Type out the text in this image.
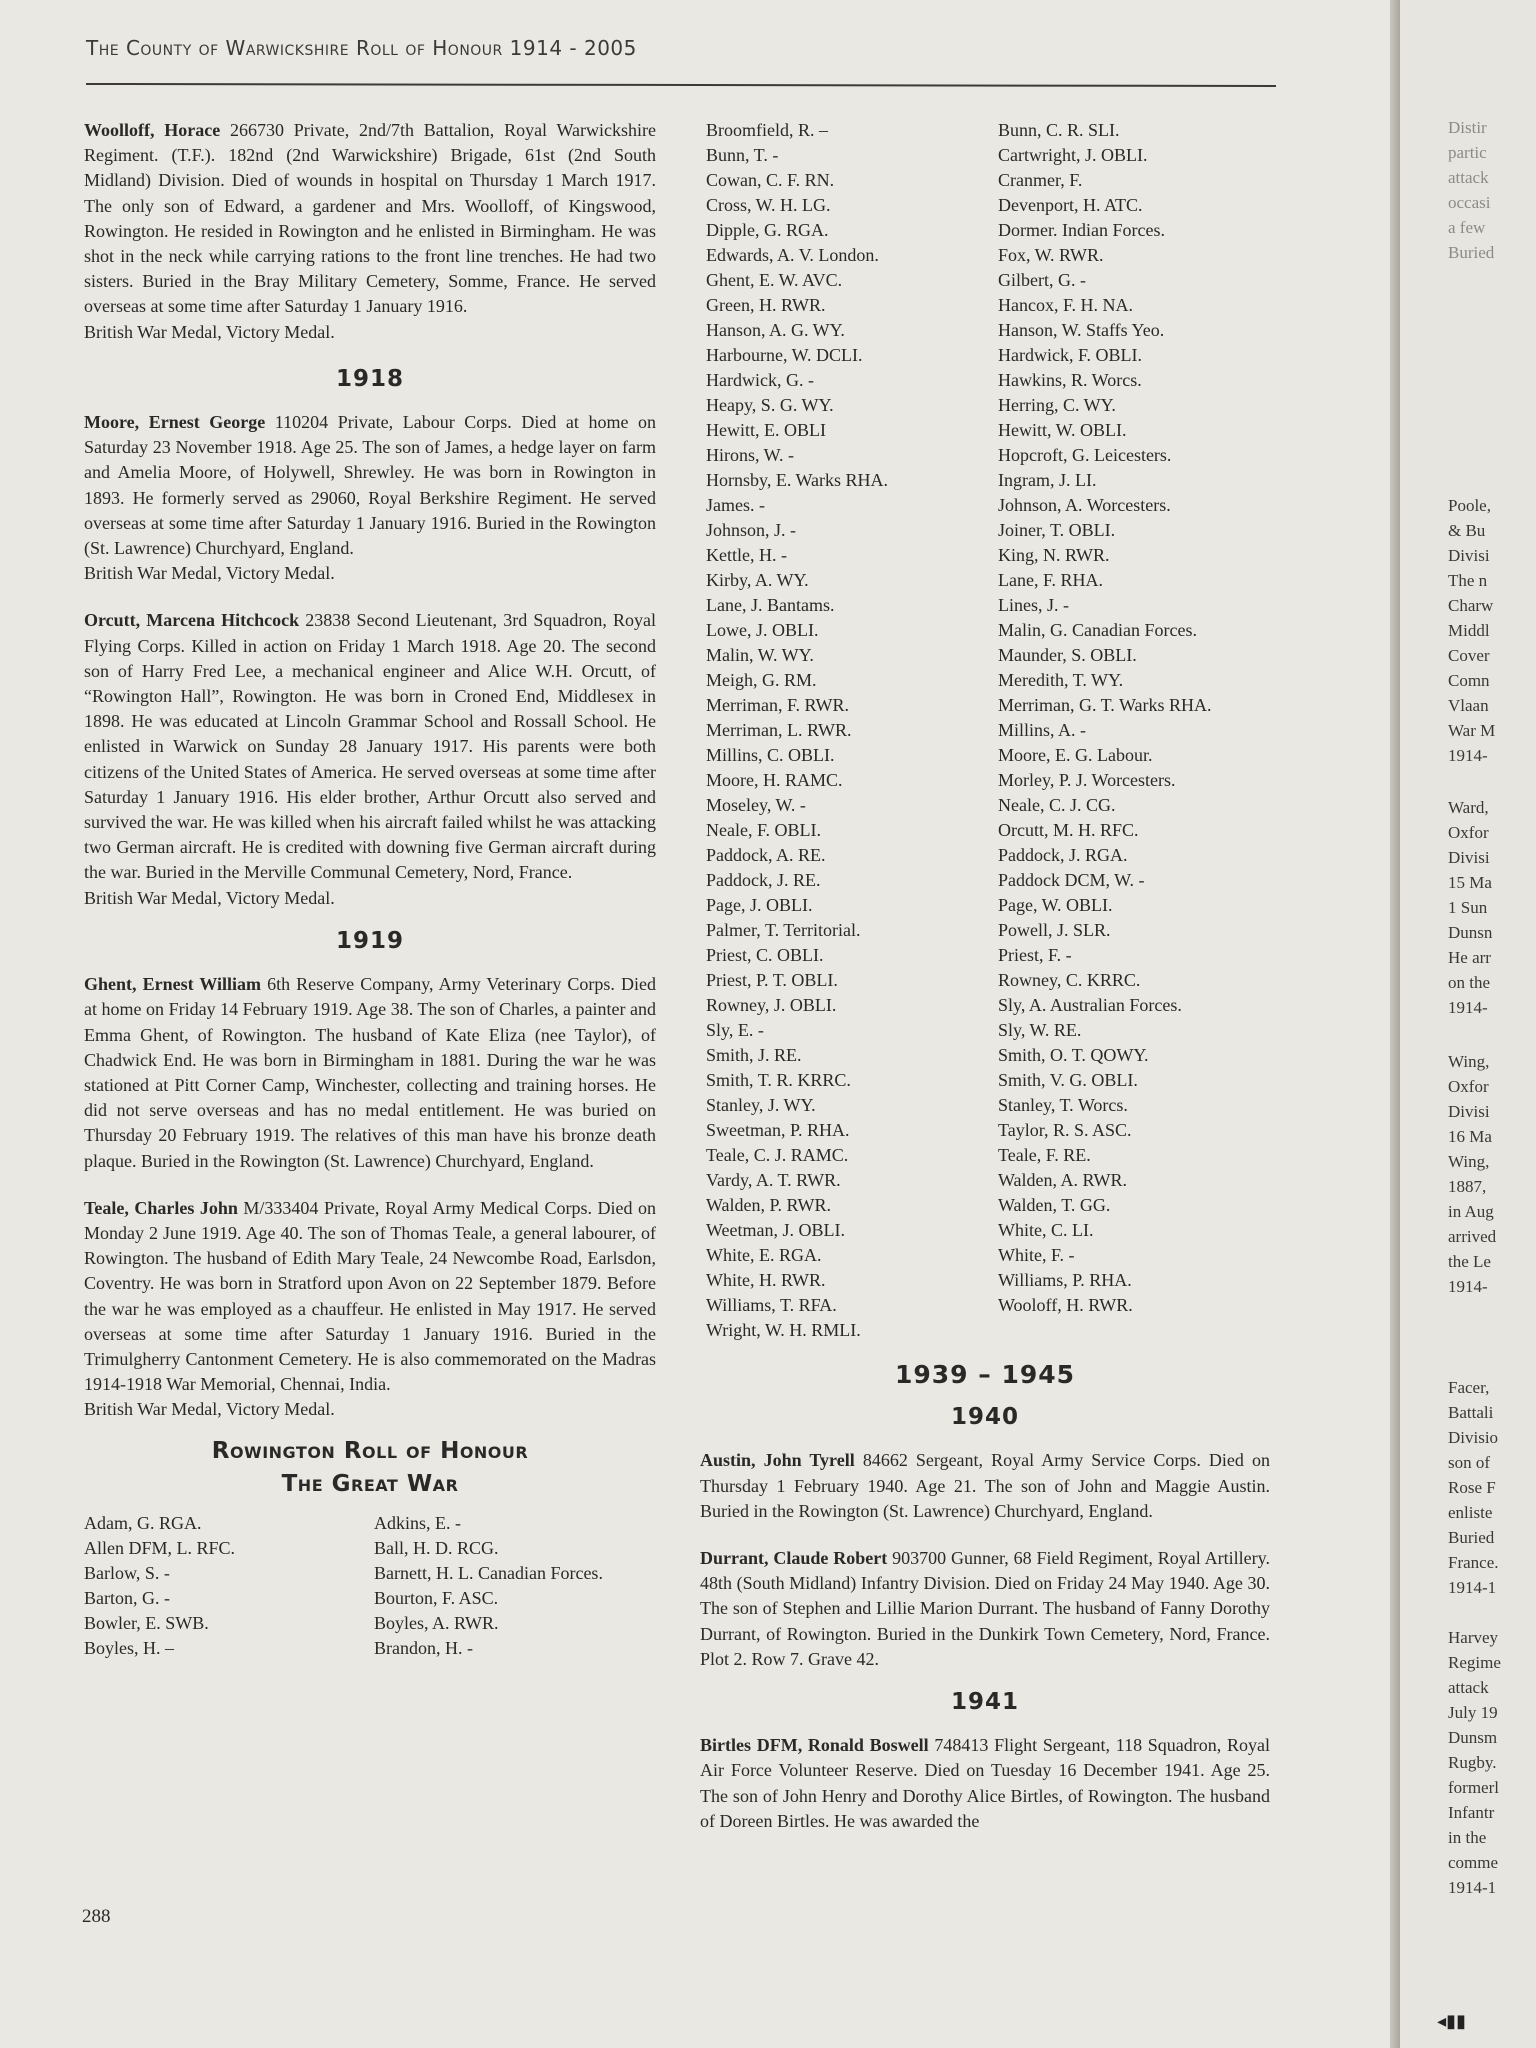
The County of Warwickshire Roll of Honour 1914 - 2005

Woolloff, Horace 266730 Private, 2nd/7th Battalion, Royal Warwickshire Regiment. (T.F.). 182nd (2nd Warwickshire) Brigade, 61st (2nd South Midland) Division. Died of wounds in hospital on Thursday 1 March 1917. The only son of Edward, a gardener and Mrs. Woolloff, of Kingswood, Rowington. He resided in Rowington and he enlisted in Birmingham. He was shot in the neck while carrying rations to the front line trenches. He had two sisters. Buried in the Bray Military Cemetery, Somme, France. He served overseas at some time after Saturday 1 January 1916.

British War Medal, Victory Medal.

1918

Moore, Ernest George 110204 Private, Labour Corps. Died at home on Saturday 23 November 1918. Age 25. The son of James, a hedge layer on farm and Amelia Moore, of Holywell, Shrewley. He was born in Rowington in 1893. He formerly served as 29060, Royal Berkshire Regiment. He served overseas at some time after Saturday 1 January 1916. Buried in the Rowington (St. Lawrence) Churchyard, England.

British War Medal, Victory Medal.

Orcutt, Marcena Hitchcock 23838 Second Lieutenant, 3rd Squadron, Royal Flying Corps. Killed in action on Friday 1 March 1918. Age 20. The second son of Harry Fred Lee, a mechanical engineer and Alice W.H. Orcutt, of “Rowington Hall”, Rowington. He was born in Croned End, Middlesex in 1898. He was educated at Lincoln Grammar School and Rossall School. He enlisted in Warwick on Sunday 28 January 1917. His parents were both citizens of the United States of America. He served overseas at some time after Saturday 1 January 1916. His elder brother, Arthur Orcutt also served and survived the war. He was killed when his aircraft failed whilst he was attacking two German aircraft. He is credited with downing five German aircraft during the war. Buried in the Merville Communal Cemetery, Nord, France.

British War Medal, Victory Medal.

1919

Ghent, Ernest William 6th Reserve Company, Army Veterinary Corps. Died at home on Friday 14 February 1919. Age 38. The son of Charles, a painter and Emma Ghent, of Rowington. The husband of Kate Eliza (nee Taylor), of Chadwick End. He was born in Birmingham in 1881. During the war he was stationed at Pitt Corner Camp, Winchester, collecting and training horses. He did not serve overseas and has no medal entitlement. He was buried on Thursday 20 February 1919. The relatives of this man have his bronze death plaque. Buried in the Rowington (St. Lawrence) Churchyard, England.

Teale, Charles John M/333404 Private, Royal Army Medical Corps. Died on Monday 2 June 1919. Age 40. The son of Thomas Teale, a general labourer, of Rowington. The husband of Edith Mary Teale, 24 Newcombe Road, Earlsdon, Coventry. He was born in Stratford upon Avon on 22 September 1879. Before the war he was employed as a chauffeur. He enlisted in May 1917. He served overseas at some time after Saturday 1 January 1916. Buried in the Trimulgherry Cantonment Cemetery. He is also commemorated on the Madras 1914-1918 War Memorial, Chennai, India.

British War Medal, Victory Medal.

Rowington Roll of Honour
The Great War
Adam, G. RGA.
Allen DFM, L. RFC.
Barlow, S. -
Barton, G. -
Bowler, E. SWB.
Boyles, H. –
Adkins, E. -
Ball, H. D. RCG.
Barnett, H. L. Canadian Forces.
Bourton, F. ASC.
Boyles, A. RWR.
Brandon, H. -
Broomfield, R. –
Bunn, T. -
Cowan, C. F. RN.
Cross, W. H. LG.
Dipple, G. RGA.
Edwards, A. V. London.
Ghent, E. W. AVC.
Green, H. RWR.
Hanson, A. G. WY.
Harbourne, W. DCLI.
Hardwick, G. -
Heapy, S. G. WY.
Hewitt, E. OBLI
Hirons, W. -
Hornsby, E. Warks RHA.
James. -
Johnson, J. -
Kettle, H. -
Kirby, A. WY.
Lane, J. Bantams.
Lowe, J. OBLI.
Malin, W. WY.
Meigh, G. RM.
Merriman, F. RWR.
Merriman, L. RWR.
Millins, C. OBLI.
Moore, H. RAMC.
Moseley, W. -
Neale, F. OBLI.
Paddock, A. RE.
Paddock, J. RE.
Page, J. OBLI.
Palmer, T. Territorial.
Priest, C. OBLI.
Priest, P. T. OBLI.
Rowney, J. OBLI.
Sly, E. -
Smith, J. RE.
Smith, T. R. KRRC.
Stanley, J. WY.
Sweetman, P. RHA.
Teale, C. J. RAMC.
Vardy, A. T. RWR.
Walden, P. RWR.
Weetman, J. OBLI.
White, E. RGA.
White, H. RWR.
Williams, T. RFA.
Wright, W. H. RMLI.
Bunn, C. R. SLI.
Cartwright, J. OBLI.
Cranmer, F.
Devenport, H. ATC.
Dormer. Indian Forces.
Fox, W. RWR.
Gilbert, G. -
Hancox, F. H. NA.
Hanson, W. Staffs Yeo.
Hardwick, F. OBLI.
Hawkins, R. Worcs.
Herring, C. WY.
Hewitt, W. OBLI.
Hopcroft, G. Leicesters.
Ingram, J. LI.
Johnson, A. Worcesters.
Joiner, T. OBLI.
King, N. RWR.
Lane, F. RHA.
Lines, J. -
Malin, G. Canadian Forces.
Maunder, S. OBLI.
Meredith, T. WY.
Merriman, G. T. Warks RHA.
Millins, A. -
Moore, E. G. Labour.
Morley, P. J. Worcesters.
Neale, C. J. CG.
Orcutt, M. H. RFC.
Paddock, J. RGA.
Paddock DCM, W. -
Page, W. OBLI.
Powell, J. SLR.
Priest, F. -
Rowney, C. KRRC.
Sly, A. Australian Forces.
Sly, W. RE.
Smith, O. T. QOWY.
Smith, V. G. OBLI.
Stanley, T. Worcs.
Taylor, R. S. ASC.
Teale, F. RE.
Walden, A. RWR.
Walden, T. GG.
White, C. LI.
White, F. -
Williams, P. RHA.
Wooloff, H. RWR.
1939 – 1945
1940

Austin, John Tyrell 84662 Sergeant, Royal Army Service Corps. Died on Thursday 1 February 1940. Age 21. The son of John and Maggie Austin. Buried in the Rowington (St. Lawrence) Churchyard, England.

Durrant, Claude Robert 903700 Gunner, 68 Field Regiment, Royal Artillery. 48th (South Midland) Infantry Division. Died on Friday 24 May 1940. Age 30. The son of Stephen and Lillie Marion Durrant. The husband of Fanny Dorothy Durrant, of Rowington. Buried in the Dunkirk Town Cemetery, Nord, France. Plot 2. Row 7. Grave 42.

1941

Birtles DFM, Ronald Boswell 748413 Flight Sergeant, 118 Squadron, Royal Air Force Volunteer Reserve. Died on Tuesday 16 December 1941. Age 25. The son of John Henry and Dorothy Alice Birtles, of Rowington. The husband of Doreen Birtles. He was awarded the

288
Distir
partic
attack
occasi
a few
Buried
Poole,
& Bu
Divisi
The n
Charw
Middl
Cover
Comn
Vlaan
War M
1914-
Ward,
Oxfor
Divisi
15 Ma
1 Sun
Dunsn
He arr
on the
1914-
Wing,
Oxfor
Divisi
16 Ma
Wing,
1887,
in Aug
arrived
the Le
1914-
Facer,
Battali
Divisio
son of
Rose F
enliste
Buried
France.
1914-1
Harvey
Regime
attack
July 19
Dunsm
Rugby.
formerl
Infantr
in the
comme
1914-1
◂▮▮
